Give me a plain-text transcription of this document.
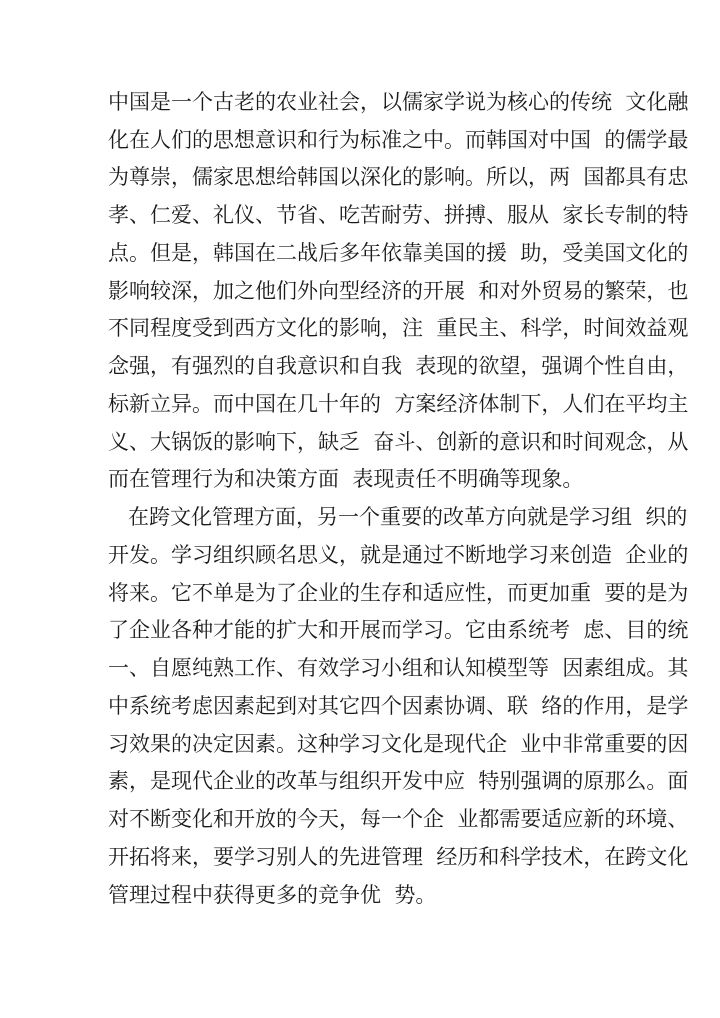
中国是一个古老的农业社会，以儒家学说为核心的传统  文化融

化在人们的思想意识和行为标准之中。而韩国对中国  的儒学最

为尊崇，儒家思想给韩国以深化的影响。所以，两  国都具有忠

孝、仁爱、礼仪、节省、吃苦耐劳、拼搏、服从  家长专制的特

点。但是，韩国在二战后多年依靠美国的援  助，受美国文化的

影响较深，加之他们外向型经济的开展  和对外贸易的繁荣，也

不同程度受到西方文化的影响，注  重民主、科学，时间效益观

念强，有强烈的自我意识和自我  表现的欲望，强调个性自由，

标新立异。而中国在几十年的  方案经济体制下，人们在平均主

义、大锅饭的影响下，缺乏  奋斗、创新的意识和时间观念，从

而在管理行为和决策方面  表现责任不明确等现象。

在跨文化管理方面，另一个重要的改革方向就是学习组  织的

开发。学习组织顾名思义，就是通过不断地学习来创造  企业的

将来。它不单是为了企业的生存和适应性，而更加重  要的是为

了企业各种才能的扩大和开展而学习。它由系统考  虑、目的统

一、自愿纯熟工作、有效学习小组和认知模型等  因素组成。其

中系统考虑因素起到对其它四个因素协调、联  络的作用，是学

习效果的决定因素。这种学习文化是现代企  业中非常重要的因

素，是现代企业的改革与组织开发中应  特别强调的原那么。面

对不断变化和开放的今天，每一个企  业都需要适应新的环境、

开拓将来，要学习别人的先进管理  经历和科学技术，在跨文化

管理过程中获得更多的竞争优  势。
